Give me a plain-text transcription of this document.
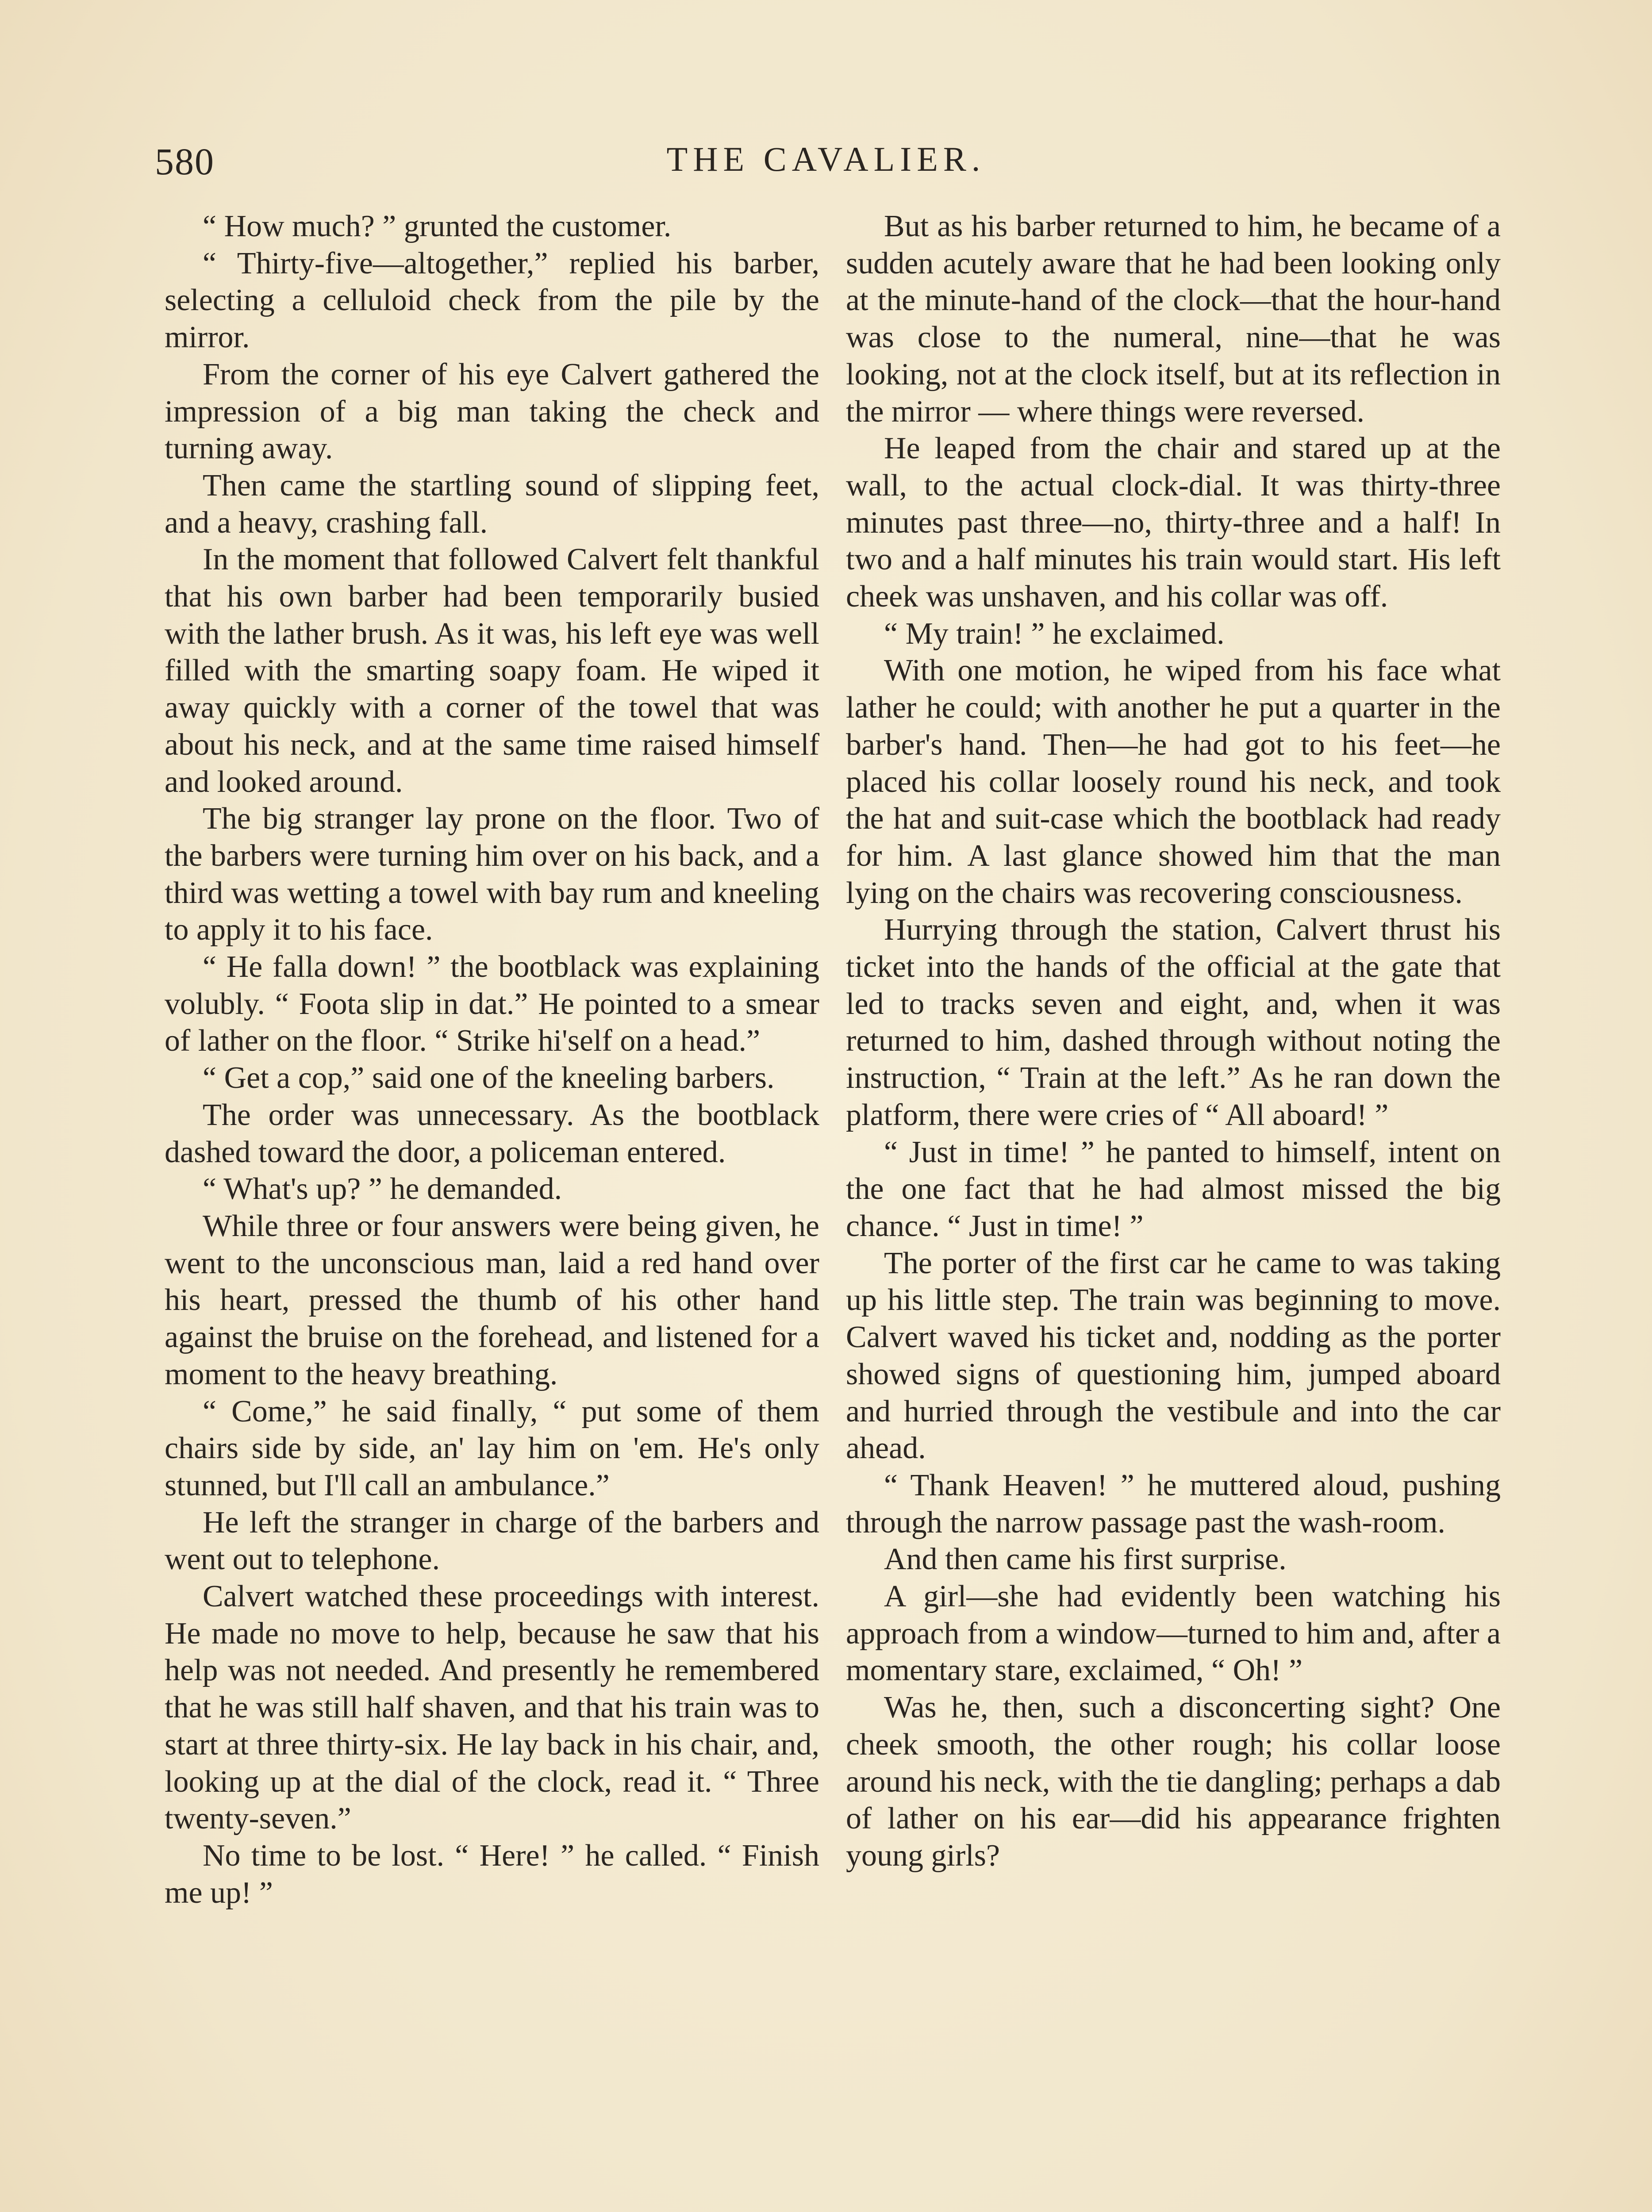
580	THE CAVALIER.

“ How much? ” grunted the customer.

“ Thirty-five—altogether,” replied his barber, selecting a celluloid check from the pile by the mirror.

From the corner of his eye Calvert gathered the impression of a big man taking the check and turning away.

Then came the startling sound of slipping feet, and a heavy, crashing fall.

In the moment that followed Calvert felt thankful that his own barber had been temporarily busied with the lather brush. As it was, his left eye was well filled with the smarting soapy foam. He wiped it away quickly with a corner of the towel that was about his neck, and at the same time raised himself and looked around.

The big stranger lay prone on the floor. Two of the barbers were turning him over on his back, and a third was wetting a towel with bay rum and kneeling to apply it to his face.

“ He falla down! ” the bootblack was explaining volubly. “ Foota slip in dat.” He pointed to a smear of lather on the floor. “ Strike hi'self on a head.”

“ Get a cop,” said one of the kneeling barbers.

The order was unnecessary. As the bootblack dashed toward the door, a policeman entered.

“ What's up? ” he demanded.

While three or four answers were being given, he went to the unconscious man, laid a red hand over his heart, pressed the thumb of his other hand against the bruise on the forehead, and listened for a moment to the heavy breathing.

“ Come,” he said finally, “ put some of them chairs side by side, an' lay him on 'em. He's only stunned, but I'll call an ambulance.”

He left the stranger in charge of the barbers and went out to telephone.

Calvert watched these proceedings with interest. He made no move to help, because he saw that his help was not needed. And presently he remembered that he was still half shaven, and that his train was to start at three thirty-six. He lay back in his chair, and, looking up at the dial of the clock, read it. “ Three twenty-seven.”

No time to be lost. “ Here! ” he called. “ Finish me up! ”

But as his barber returned to him, he became of a sudden acutely aware that he had been looking only at the minute-hand of the clock—that the hour-hand was close to the numeral, nine—that he was looking, not at the clock itself, but at its reflection in the mirror — where things were reversed.

He leaped from the chair and stared up at the wall, to the actual clock-dial. It was thirty-three minutes past three—no, thirty-three and a half! In two and a half minutes his train would start. His left cheek was unshaven, and his collar was off.

“ My train! ” he exclaimed.

With one motion, he wiped from his face what lather he could; with another he put a quarter in the barber's hand. Then—he had got to his feet—he placed his collar loosely round his neck, and took the hat and suit-case which the bootblack had ready for him. A last glance showed him that the man lying on the chairs was recovering consciousness.

Hurrying through the station, Calvert thrust his ticket into the hands of the official at the gate that led to tracks seven and eight, and, when it was returned to him, dashed through without noting the instruction, “ Train at the left.” As he ran down the platform, there were cries of “ All aboard! ”

“ Just in time! ” he panted to himself, intent on the one fact that he had almost missed the big chance. “ Just in time! ”

The porter of the first car he came to was taking up his little step. The train was beginning to move. Calvert waved his ticket and, nodding as the porter showed signs of questioning him, jumped aboard and hurried through the vestibule and into the car ahead.

“ Thank Heaven! ” he muttered aloud, pushing through the narrow passage past the wash-room.

And then came his first surprise.

A girl—she had evidently been watching his approach from a window—turned to him and, after a momentary stare, exclaimed, “ Oh! ”

Was he, then, such a disconcerting sight? One cheek smooth, the other rough; his collar loose around his neck, with the tie dangling; perhaps a dab of lather on his ear—did his appearance frighten young girls?
